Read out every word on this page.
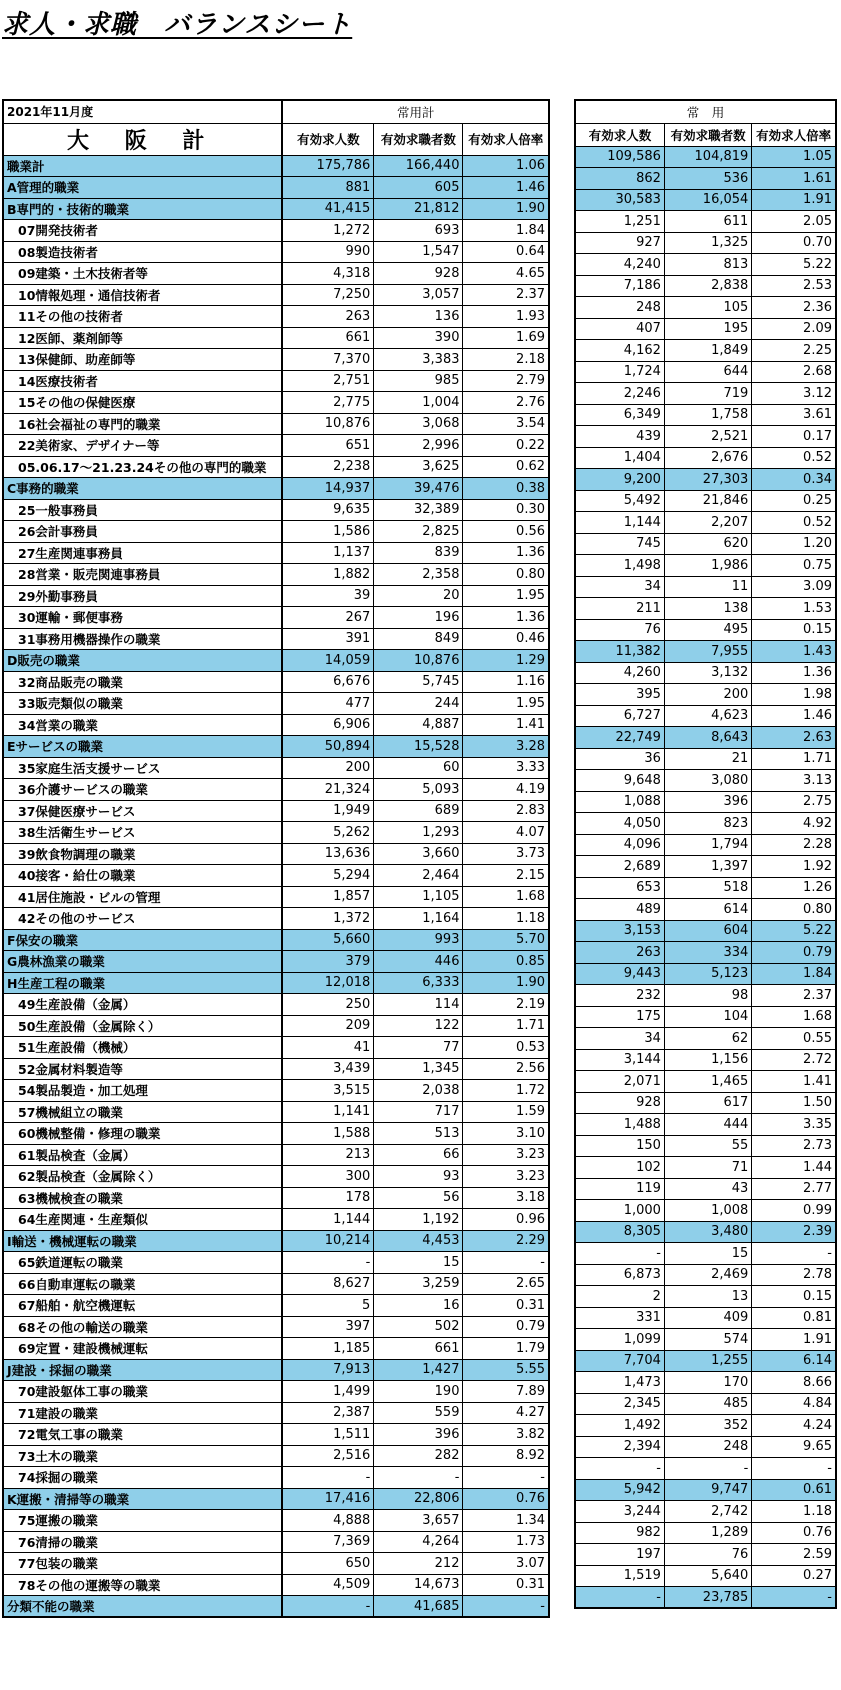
求人・求職　バランスシート
2021年11月度	常用計		
大 阪 計	有効求人数	有効求職者数	有効求人倍率
職業計	175,786	166,440	1.06
A管理的職業	881	605	1.46
B専門的・技術的職業	41,415	21,812	1.90
07開発技術者	1,272	693	1.84
08製造技術者	990	1,547	0.64
09建築・土木技術者等	4,318	928	4.65
10情報処理・通信技術者	7,250	3,057	2.37
11その他の技術者	263	136	1.93
12医師、薬剤師等	661	390	1.69
13保健師、助産師等	7,370	3,383	2.18
14医療技術者	2,751	985	2.79
15その他の保健医療	2,775	1,004	2.76
16社会福祉の専門的職業	10,876	3,068	3.54
22美術家、デザイナー等	651	2,996	0.22
05.06.17～21.23.24その他の専門的職業	2,238	3,625	0.62
C事務的職業	14,937	39,476	0.38
25一般事務員	9,635	32,389	0.30
26会計事務員	1,586	2,825	0.56
27生産関連事務員	1,137	839	1.36
28営業・販売関連事務員	1,882	2,358	0.80
29外勤事務員	39	20	1.95
30運輸・郵便事務	267	196	1.36
31事務用機器操作の職業	391	849	0.46
D販売の職業	14,059	10,876	1.29
32商品販売の職業	6,676	5,745	1.16
33販売類似の職業	477	244	1.95
34営業の職業	6,906	4,887	1.41
Eサービスの職業	50,894	15,528	3.28
35家庭生活支援サービス	200	60	3.33
36介護サービスの職業	21,324	5,093	4.19
37保健医療サービス	1,949	689	2.83
38生活衛生サービス	5,262	1,293	4.07
39飲食物調理の職業	13,636	3,660	3.73
40接客・給仕の職業	5,294	2,464	2.15
41居住施設・ビルの管理	1,857	1,105	1.68
42その他のサービス	1,372	1,164	1.18
F保安の職業	5,660	993	5.70
G農林漁業の職業	379	446	0.85
H生産工程の職業	12,018	6,333	1.90
49生産設備（金属）	250	114	2.19
50生産設備（金属除く）	209	122	1.71
51生産設備（機械）	41	77	0.53
52金属材料製造等	3,439	1,345	2.56
54製品製造・加工処理	3,515	2,038	1.72
57機械組立の職業	1,141	717	1.59
60機械整備・修理の職業	1,588	513	3.10
61製品検査（金属）	213	66	3.23
62製品検査（金属除く）	300	93	3.23
63機械検査の職業	178	56	3.18
64生産関連・生産類似	1,144	1,192	0.96
I輸送・機械運転の職業	10,214	4,453	2.29
65鉄道運転の職業	-	15	-
66自動車運転の職業	8,627	3,259	2.65
67船舶・航空機運転	5	16	0.31
68その他の輸送の職業	397	502	0.79
69定置・建設機械運転	1,185	661	1.79
J建設・採掘の職業	7,913	1,427	5.55
70建設躯体工事の職業	1,499	190	7.89
71建設の職業	2,387	559	4.27
72電気工事の職業	1,511	396	3.82
73土木の職業	2,516	282	8.92
74採掘の職業	-	-	-
K運搬・清掃等の職業	17,416	22,806	0.76
75運搬の職業	4,888	3,657	1.34
76清掃の職業	7,369	4,264	1.73
77包装の職業	650	212	3.07
78その他の運搬等の職業	4,509	14,673	0.31
分類不能の職業	-	41,685	-
常　用		
有効求人数	有効求職者数	有効求人倍率
109,586	104,819	1.05
862	536	1.61
30,583	16,054	1.91
1,251	611	2.05
927	1,325	0.70
4,240	813	5.22
7,186	2,838	2.53
248	105	2.36
407	195	2.09
4,162	1,849	2.25
1,724	644	2.68
2,246	719	3.12
6,349	1,758	3.61
439	2,521	0.17
1,404	2,676	0.52
9,200	27,303	0.34
5,492	21,846	0.25
1,144	2,207	0.52
745	620	1.20
1,498	1,986	0.75
34	11	3.09
211	138	1.53
76	495	0.15
11,382	7,955	1.43
4,260	3,132	1.36
395	200	1.98
6,727	4,623	1.46
22,749	8,643	2.63
36	21	1.71
9,648	3,080	3.13
1,088	396	2.75
4,050	823	4.92
4,096	1,794	2.28
2,689	1,397	1.92
653	518	1.26
489	614	0.80
3,153	604	5.22
263	334	0.79
9,443	5,123	1.84
232	98	2.37
175	104	1.68
34	62	0.55
3,144	1,156	2.72
2,071	1,465	1.41
928	617	1.50
1,488	444	3.35
150	55	2.73
102	71	1.44
119	43	2.77
1,000	1,008	0.99
8,305	3,480	2.39
-	15	-
6,873	2,469	2.78
2	13	0.15
331	409	0.81
1,099	574	1.91
7,704	1,255	6.14
1,473	170	8.66
2,345	485	4.84
1,492	352	4.24
2,394	248	9.65
-	-	-
5,942	9,747	0.61
3,244	2,742	1.18
982	1,289	0.76
197	76	2.59
1,519	5,640	0.27
-	23,785	-
